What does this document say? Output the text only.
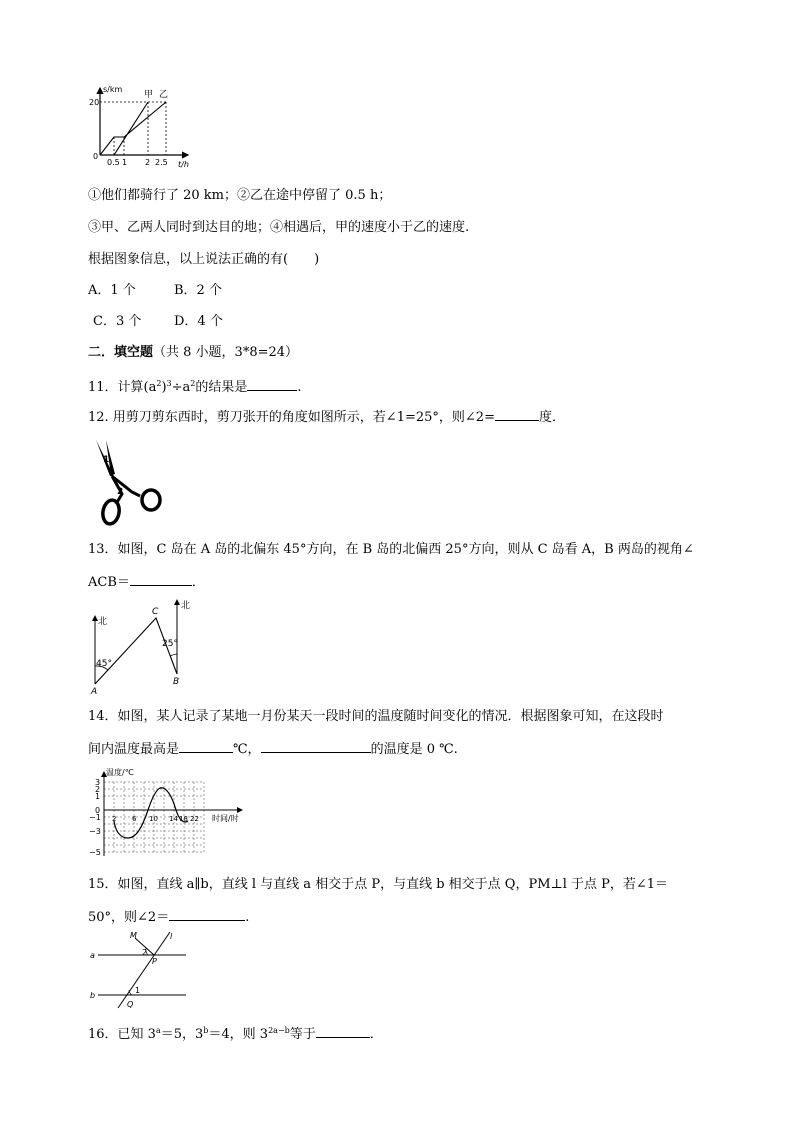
s/km
20
0
0.5 1 2 2.5 t/h
甲 乙
①他们都骑行了 20 km；②乙在途中停留了 0.5 h；
③甲、乙两人同时到达目的地；④相遇后，甲的速度小于乙的速度.
根据图象信息，以上说法正确的有(　　)
A．1 个	B．2 个
C．3 个	D．4 个
二．填空题（共 8 小题，3*8=24）
11．计算$(a^2)^3\div a^2$的结果是	.
12. 用剪刀剪东西时，剪刀张开的角度如图所示，若∠1=25°，则∠2=	度．
1
2
13．如图，C 岛在 A 岛的北偏东 45°方向，在 B 岛的北偏西 25°方向，则从 C 岛看 A，B 两岛的视角∠
ACB＝	．
北
北
45°
25°
A
B
C
14．如图，某人记录了某地一月份某天一段时间的温度随时间变化的情况．根据图象可知，在这段时
间内温度最高是	℃，	的温度是 0 ℃.
温度/℃
时间/时
3
2
1
0
−1
−3
−5
2 6 10 14 18 22
15．如图，直线 a∥b，直线 l 与直线 a 相交于点 P，与直线 b 相交于点 Q，PM⊥l 于点 P，若∠1＝
50°，则∠2＝	.
a
b
l
M
P
Q
2
1
16．已知 $3^a=5$，$3^b=4$，则 $3^{2a-b}$等于	．
